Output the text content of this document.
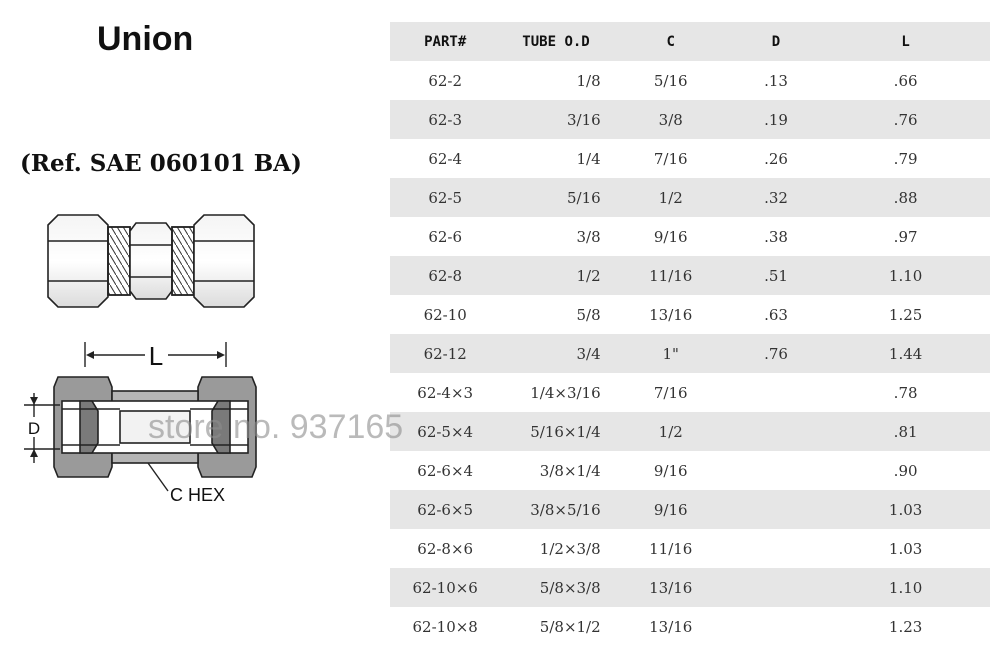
Union
(Ref. SAE 060101 BA)
L
D
C HEX
PART#	TUBE O.D	C	D	L
62-2	1/8	5/16	.13	.66
62-3	3/16	3/8	.19	.76
62-4	1/4	7/16	.26	.79
62-5	5/16	1/2	.32	.88
62-6	3/8	9/16	.38	.97
62-8	1/2	11/16	.51	1.10
62-10	5/8	13/16	.63	1.25
62-12	3/4	1"	.76	1.44
62-4×3	1/4×3/16	7/16		.78
62-5×4	5/16×1/4	1/2		.81
62-6×4	3/8×1/4	9/16		.90
62-6×5	3/8×5/16	9/16		1.03
62-8×6	1/2×3/8	11/16		1.03
62-10×6	5/8×3/8	13/16		1.10
62-10×8	5/8×1/2	13/16		1.23
store no. 937165
